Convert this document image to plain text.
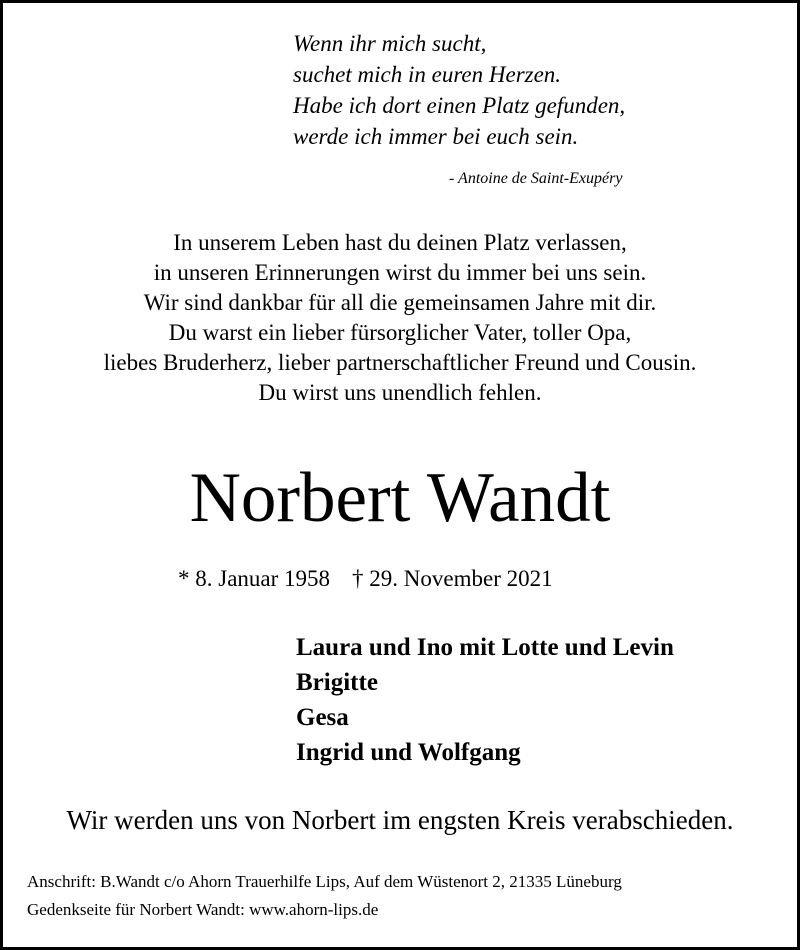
Wenn ihr mich sucht,
suchet mich in euren Herzen.
Habe ich dort einen Platz gefunden,
werde ich immer bei euch sein.
- Antoine de Saint-Exupéry
In unserem Leben hast du deinen Platz verlassen,
in unseren Erinnerungen wirst du immer bei uns sein.
Wir sind dankbar für all die gemeinsamen Jahre mit dir.
Du warst ein lieber fürsorglicher Vater, toller Opa,
liebes Bruderherz, lieber partnerschaftlicher Freund und Cousin.
Du wirst uns unendlich fehlen.
Norbert Wandt
* 8. Januar 1958 † 29. November 2021
Laura und Ino mit Lotte und Levin
Brigitte
Gesa
Ingrid und Wolfgang
Wir werden uns von Norbert im engsten Kreis verabschieden.
Anschrift: B.Wandt c/o Ahorn Trauerhilfe Lips, Auf dem Wüstenort 2, 21335 Lüneburg
Gedenkseite für Norbert Wandt: www.ahorn-lips.de
